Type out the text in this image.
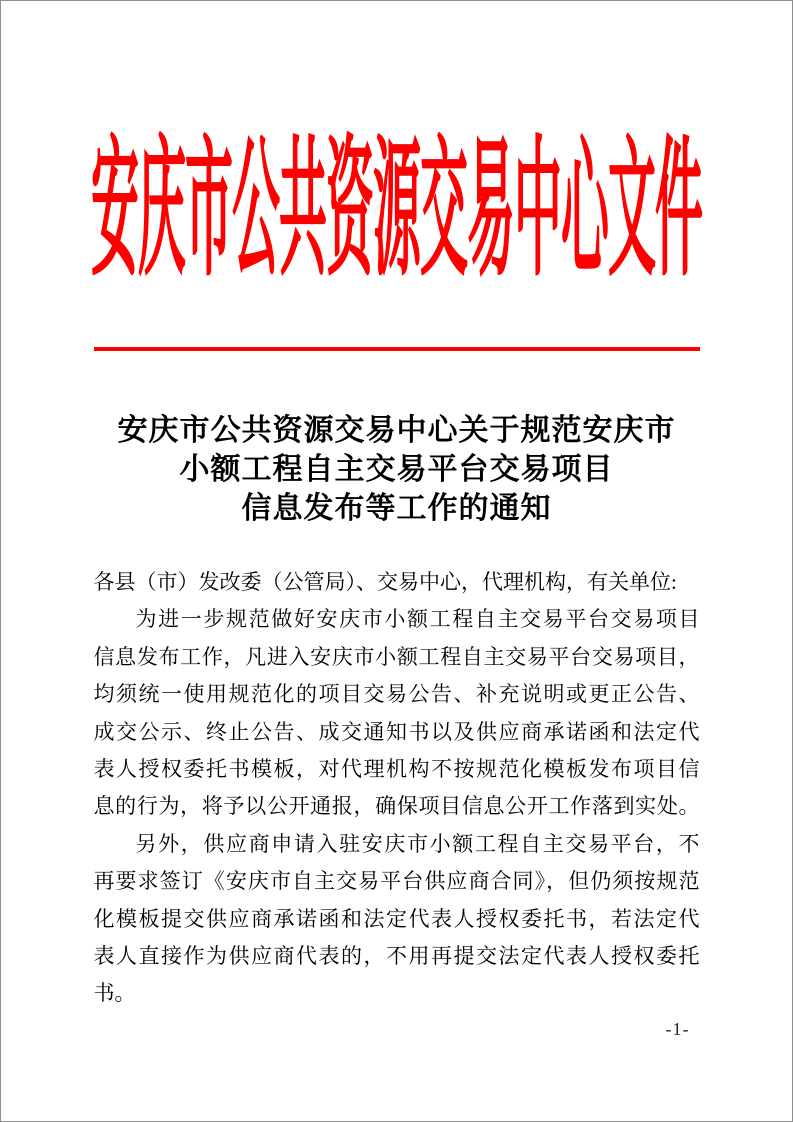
安庆市公共资源交易中心文件
安庆市公共资源交易中心关于规范安庆市
小额工程自主交易平台交易项目
信息发布等工作的通知
各县（市）发改委（公管局）、交易中心，代理机构，有关单位:
为进一步规范做好安庆市小额工程自主交易平台交易项目
信息发布工作，凡进入安庆市小额工程自主交易平台交易项目，
均须统一使用规范化的项目交易公告、补充说明或更正公告、
成交公示、终止公告、成交通知书以及供应商承诺函和法定代
表人授权委托书模板，对代理机构不按规范化模板发布项目信
息的行为，将予以公开通报，确保项目信息公开工作落到实处。
另外，供应商申请入驻安庆市小额工程自主交易平台，不
再要求签订《安庆市自主交易平台供应商合同》，但仍须按规范
化模板提交供应商承诺函和法定代表人授权委托书，若法定代
表人直接作为供应商代表的，不用再提交法定代表人授权委托
书。
-1-
